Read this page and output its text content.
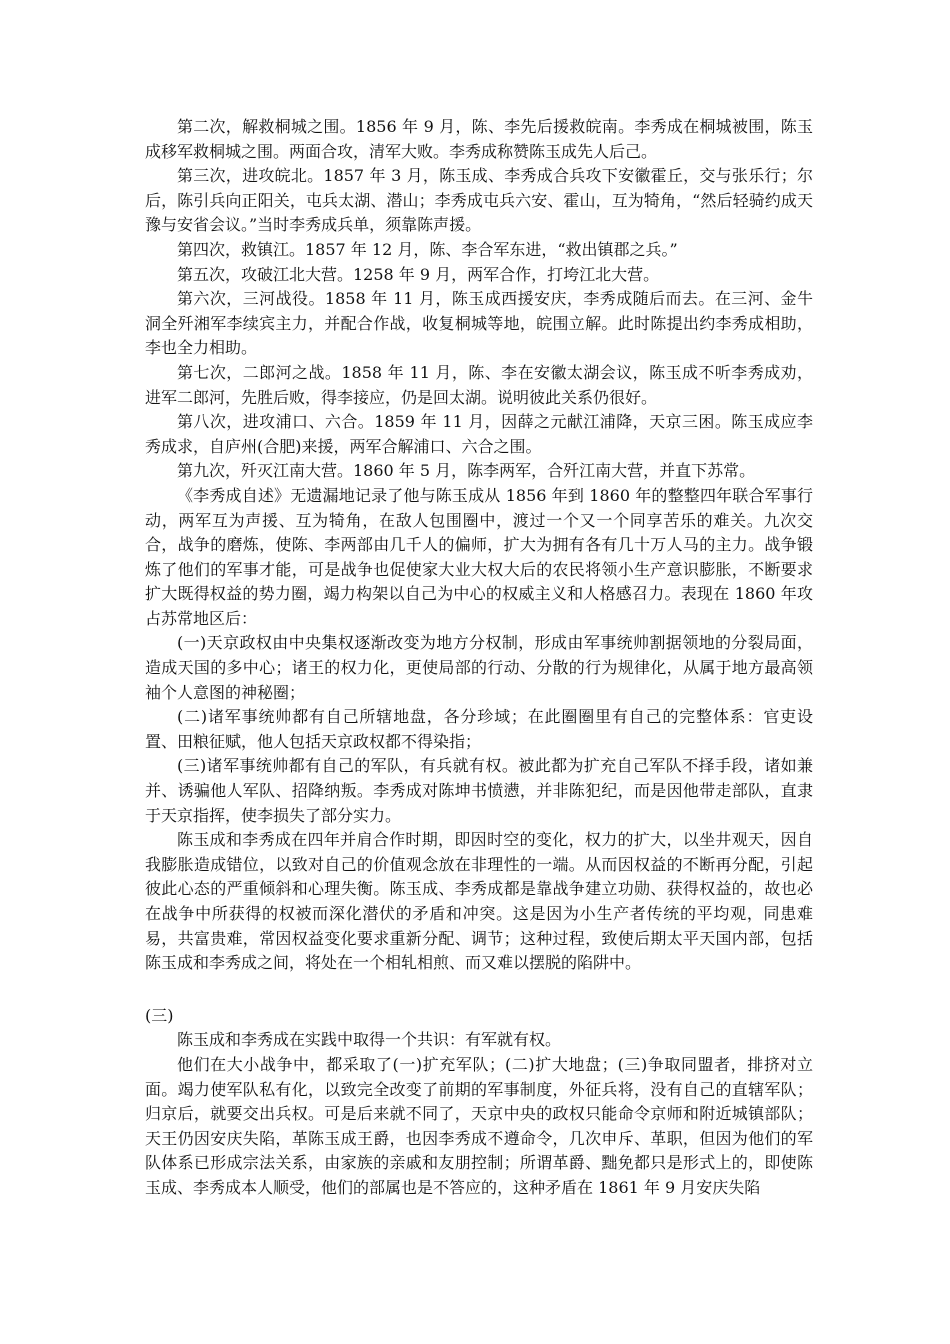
第二次，解救桐城之围。1856 年 9 月，陈、李先后援救皖南。李秀成在桐城被围，陈玉成移军救桐城之围。两面合攻，清军大败。李秀成称赞陈玉成先人后己。

第三次，进攻皖北。1857 年 3 月，陈玉成、李秀成合兵攻下安徽霍丘，交与张乐行；尔后，陈引兵向正阳关，屯兵太湖、潜山；李秀成屯兵六安、霍山，互为犄角，“然后轻骑约成天豫与安省会议。”当时李秀成兵单，须靠陈声援。

第四次，救镇江。1857 年 12 月，陈、李合军东进，“救出镇郡之兵。”

第五次，攻破江北大营。1258 年 9 月，两军合作，打垮江北大营。

第六次，三河战役。1858 年 11 月，陈玉成西援安庆，李秀成随后而去。在三河、金牛洞全歼湘军李续宾主力，并配合作战，收复桐城等地，皖围立解。此时陈提出约李秀成相助，李也全力相助。

第七次，二郎河之战。1858 年 11 月，陈、李在安徽太湖会议，陈玉成不听李秀成劝，进军二郎河，先胜后败，得李接应，仍是回太湖。说明彼此关系仍很好。

第八次，进攻浦口、六合。1859 年 11 月，因薛之元献江浦降，天京三困。陈玉成应李秀成求，自庐州(合肥)来援，两军合解浦口、六合之围。

第九次，歼灭江南大营。1860 年 5 月，陈李两军，合歼江南大营，并直下苏常。

《李秀成自述》无遗漏地记录了他与陈玉成从 1856 年到 1860 年的整整四年联合军事行动，两军互为声援、互为犄角，在敌人包围圈中，渡过一个又一个同享苦乐的难关。九次交合，战争的磨炼，使陈、李两部由几千人的偏师，扩大为拥有各有几十万人马的主力。战争锻炼了他们的军事才能，可是战争也促使家大业大权大后的农民将领小生产意识膨胀，不断要求扩大既得权益的势力圈，竭力构架以自己为中心的权威主义和人格感召力。表现在 1860 年攻占苏常地区后：

(一)天京政权由中央集权逐渐改变为地方分权制，形成由军事统帅割据领地的分裂局面，造成天国的多中心；诸王的权力化，更使局部的行动、分散的行为规律化，从属于地方最高领袖个人意图的神秘圈；

(二)诸军事统帅都有自己所辖地盘，各分珍域；在此圈圈里有自己的完整体系：官吏设置、田粮征赋，他人包括天京政权都不得染指；

(三)诸军事统帅都有自己的军队，有兵就有权。被此都为扩充自己军队不择手段，诸如兼并、诱骗他人军队、招降纳叛。李秀成对陈坤书愤懑，并非陈犯纪，而是因他带走部队，直隶于天京指挥，使李损失了部分实力。

陈玉成和李秀成在四年并肩合作时期，即因时空的变化，权力的扩大，以坐井观天，因自我膨胀造成错位，以致对自己的价值观念放在非理性的一端。从而因权益的不断再分配，引起彼此心态的严重倾斜和心理失衡。陈玉成、李秀成都是靠战争建立功勋、获得权益的，故也必在战争中所获得的权被而深化潜伏的矛盾和冲突。这是因为小生产者传统的平均观，同患难易，共富贵难，常因权益变化要求重新分配、调节；这种过程，致使后期太平天国内部，包括陈玉成和李秀成之间，将处在一个相轧相煎、而又难以摆脱的陷阱中。

(三)

陈玉成和李秀成在实践中取得一个共识：有军就有权。

他们在大小战争中，都采取了(一)扩充军队；(二)扩大地盘；(三)争取同盟者，排挤对立面。竭力使军队私有化，以致完全改变了前期的军事制度，外征兵将，没有自己的直辖军队；归京后，就要交出兵权。可是后来就不同了，天京中央的政权只能命令京师和附近城镇部队；天王仍因安庆失陷，革陈玉成王爵，也因李秀成不遵命令，几次申斥、革职，但因为他们的军队体系已形成宗法关系，由家族的亲戚和友朋控制；所谓革爵、黜免都只是形式上的，即使陈玉成、李秀成本人顺受，他们的部属也是不答应的，这种矛盾在 1861 年 9 月安庆失陷
